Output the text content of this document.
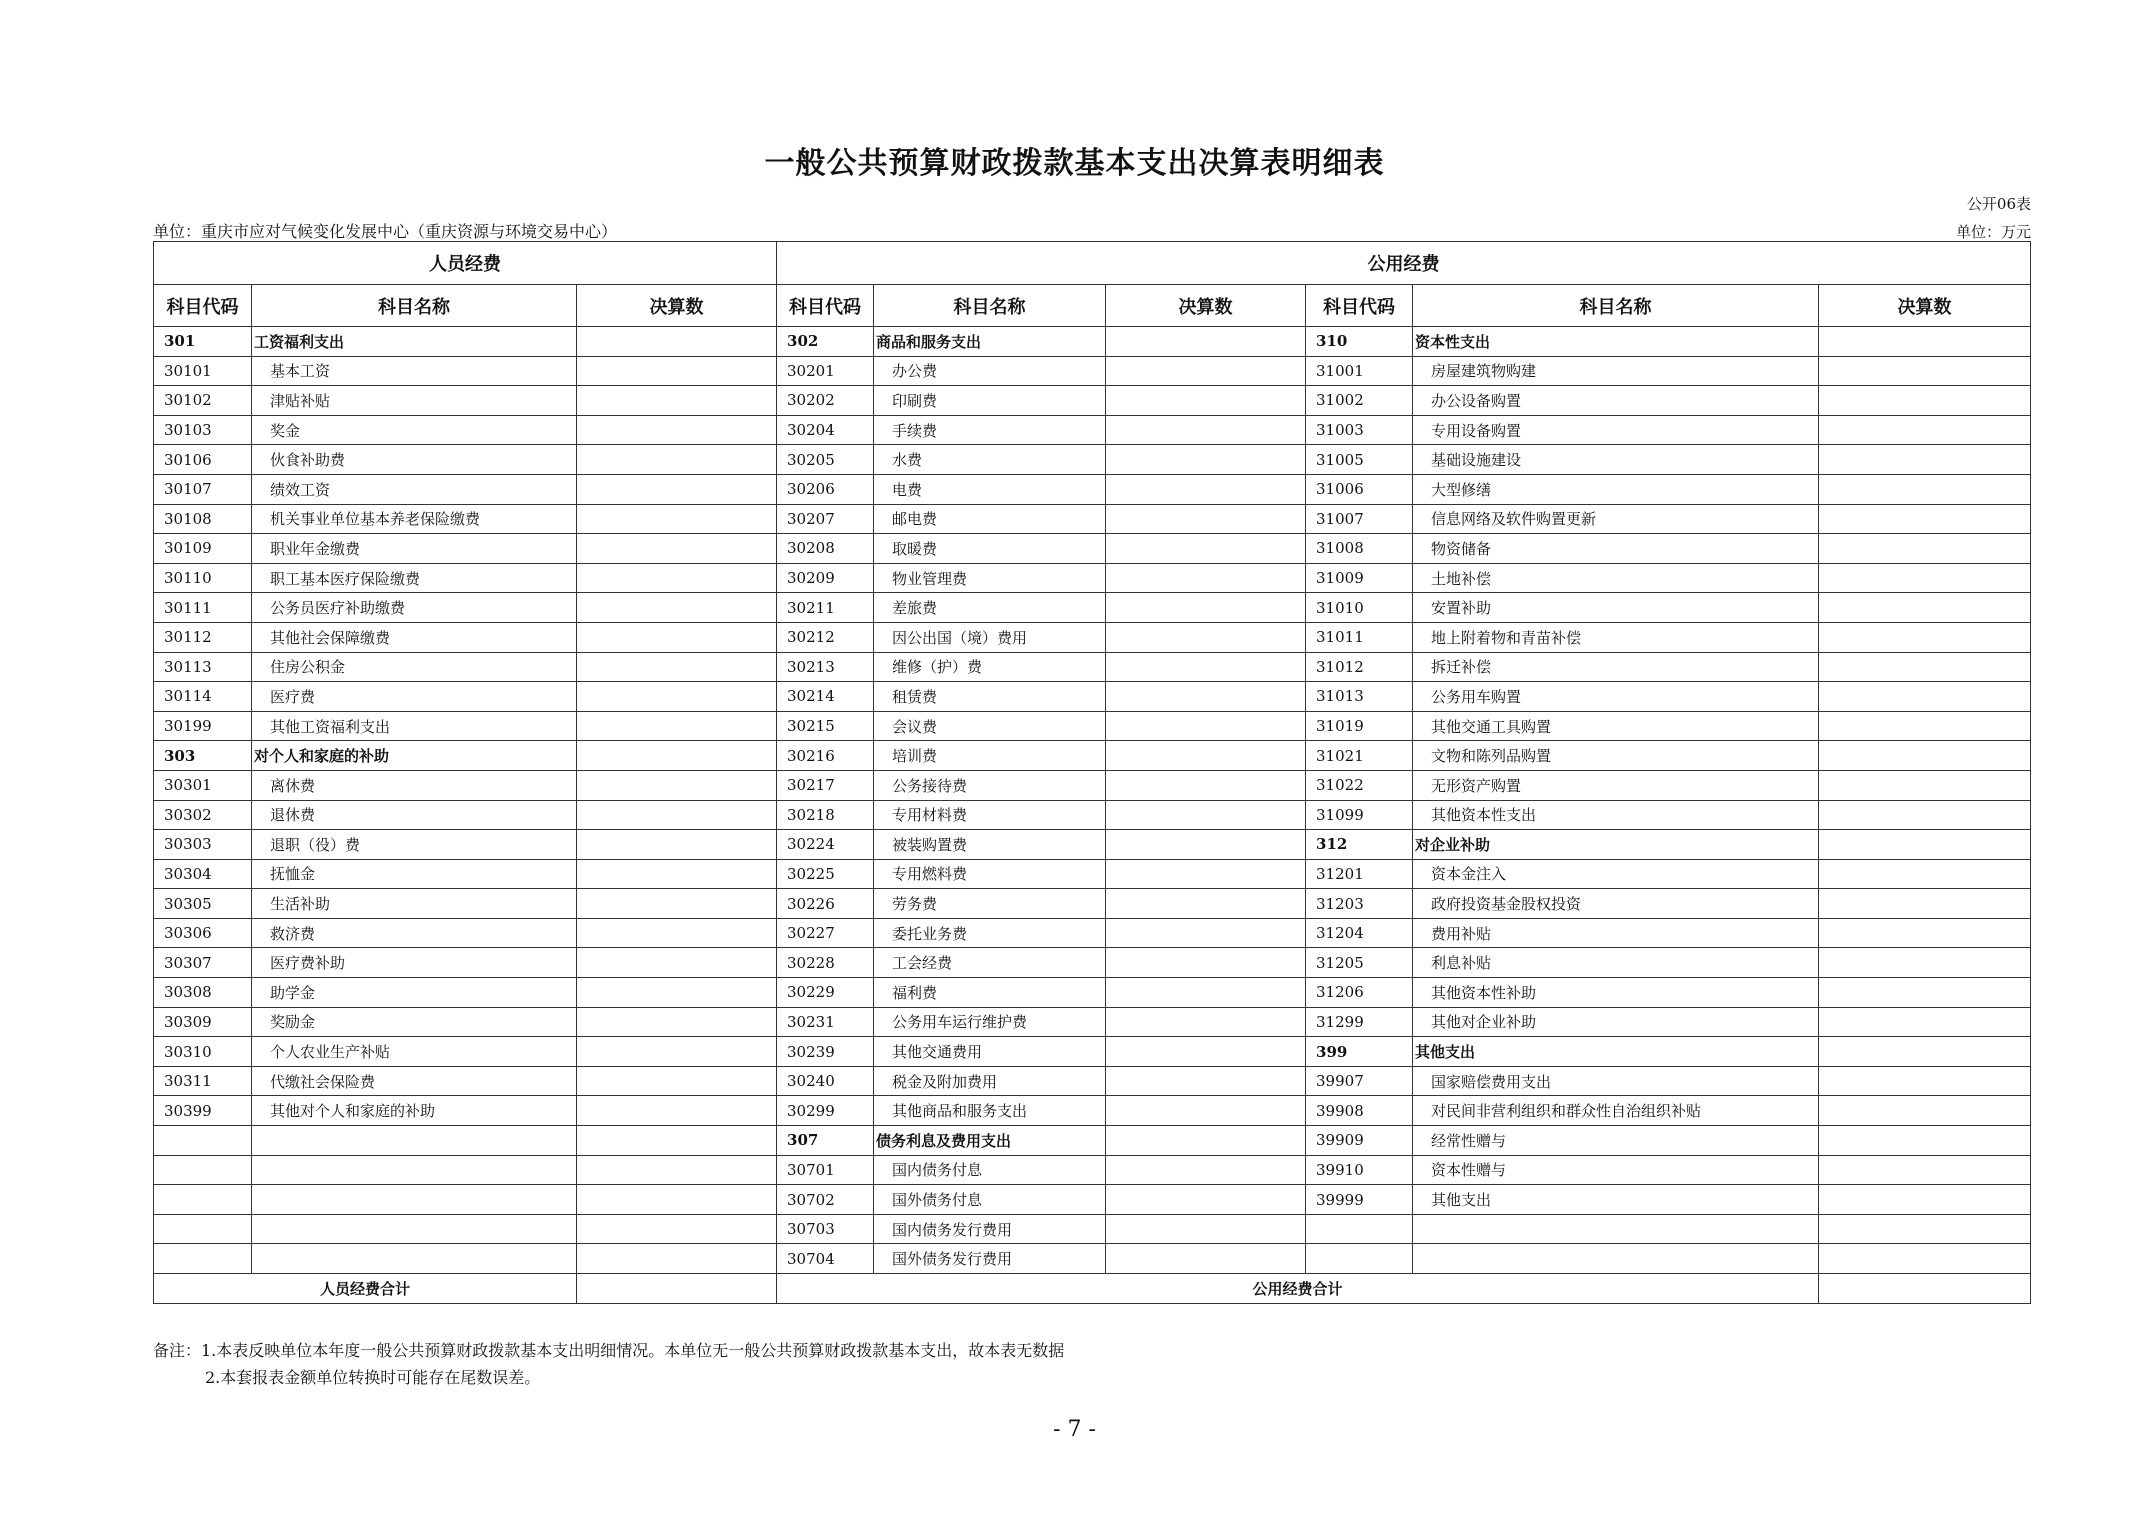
一般公共预算财政拨款基本支出决算表明细表
公开06表
单位：重庆市应对气候变化发展中心（重庆资源与环境交易中心）	单位：万元
人员经费			公用经费					
科目代码	科目名称	决算数	科目代码	科目名称	决算数	科目代码	科目名称	决算数
301	工资福利支出		302	商品和服务支出		310	资本性支出	
30101	基本工资		30201	办公费		31001	房屋建筑物购建	
30102	津贴补贴		30202	印刷费		31002	办公设备购置	
30103	奖金		30204	手续费		31003	专用设备购置	
30106	伙食补助费		30205	水费		31005	基础设施建设	
30107	绩效工资		30206	电费		31006	大型修缮	
30108	机关事业单位基本养老保险缴费		30207	邮电费		31007	信息网络及软件购置更新	
30109	职业年金缴费		30208	取暖费		31008	物资储备	
30110	职工基本医疗保险缴费		30209	物业管理费		31009	土地补偿	
30111	公务员医疗补助缴费		30211	差旅费		31010	安置补助	
30112	其他社会保障缴费		30212	因公出国（境）费用		31011	地上附着物和青苗补偿	
30113	住房公积金		30213	维修（护）费		31012	拆迁补偿	
30114	医疗费		30214	租赁费		31013	公务用车购置	
30199	其他工资福利支出		30215	会议费		31019	其他交通工具购置	
303	对个人和家庭的补助		30216	培训费		31021	文物和陈列品购置	
30301	离休费		30217	公务接待费		31022	无形资产购置	
30302	退休费		30218	专用材料费		31099	其他资本性支出	
30303	退职（役）费		30224	被装购置费		312	对企业补助	
30304	抚恤金		30225	专用燃料费		31201	资本金注入	
30305	生活补助		30226	劳务费		31203	政府投资基金股权投资	
30306	救济费		30227	委托业务费		31204	费用补贴	
30307	医疗费补助		30228	工会经费		31205	利息补贴	
30308	助学金		30229	福利费		31206	其他资本性补助	
30309	奖励金		30231	公务用车运行维护费		31299	其他对企业补助	
30310	个人农业生产补贴		30239	其他交通费用		399	其他支出	
30311	代缴社会保险费		30240	税金及附加费用		39907	国家赔偿费用支出	
30399	其他对个人和家庭的补助		30299	其他商品和服务支出		39908	对民间非营利组织和群众性自治组织补贴	
			307	债务利息及费用支出		39909	经常性赠与	
			30701	国内债务付息		39910	资本性赠与	
			30702	国外债务付息		39999	其他支出	
			30703	国内债务发行费用				
			30704	国外债务发行费用				
人员经费合计			公用经费合计					
备注：1.本表反映单位本年度一般公共预算财政拨款基本支出明细情况。本单位无一般公共预算财政拨款基本支出，故本表无数据
2.本套报表金额单位转换时可能存在尾数误差。
- 7 -
